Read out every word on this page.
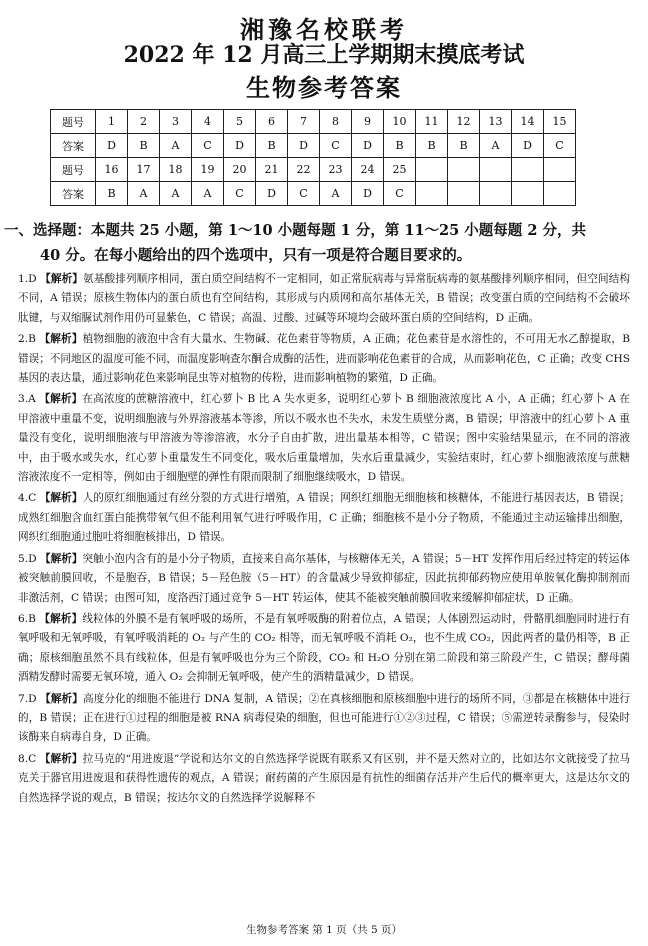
湘豫名校联考
2022 年 12 月高三上学期期末摸底考试
生物参考答案
题号	1	2	3	4	5	6	7	8	9	10	11	12	13	14	15
答案	D	B	A	C	D	B	D	C	D	B	B	B	A	D	C
题号	16	17	18	19	20	21	22	23	24	25					
答案	B	A	A	A	C	D	C	A	D	C					
一、选择题：本题共 25 小题，第 1～10 小题每题 1 分，第 11～25 小题每题 2 分，共
40 分。在每小题给出的四个选项中，只有一项是符合题目要求的。
1.D 【解析】氨基酸排列顺序相同，蛋白质空间结构不一定相同，如正常朊病毒与异常朊病毒的氨基酸排列顺序相同，但空间结构不同，A 错误；原核生物体内的蛋白质也有空间结构，其形成与内质网和高尔基体无关，B 错误；改变蛋白质的空间结构不会破坏肽键，与双缩脲试剂作用仍可显紫色，C 错误；高温、过酸、过碱等环境均会破坏蛋白质的空间结构，D 正确。
2.B 【解析】植物细胞的液泡中含有大量水、生物碱、花色素苷等物质，A 正确；花色素苷是水溶性的，不可用无水乙醇提取，B 错误；不同地区的温度可能不同，而温度影响查尔酮合成酶的活性，进而影响花色素苷的合成，从而影响花色，C 正确；改变 CHS 基因的表达量，通过影响花色来影响昆虫等对植物的传粉，进而影响植物的繁殖，D 正确。
3.A 【解析】在高浓度的蔗糖溶液中，红心萝卜 B 比 A 失水更多，说明红心萝卜 B 细胞液浓度比 A 小，A 正确；红心萝卜 A 在甲溶液中重量不变，说明细胞液与外界溶液基本等渗，所以不吸水也不失水，未发生质壁分离，B 错误；甲溶液中的红心萝卜 A 重量没有变化，说明细胞液与甲溶液为等渗溶液，水分子自由扩散，进出量基本相等，C 错误；图中实验结果显示，在不同的溶液中，由于吸水或失水，红心萝卜重量发生不同变化，吸水后重量增加，失水后重量减少，实验结束时，红心萝卜细胞液浓度与蔗糖溶液浓度不一定相等，例如由于细胞壁的弹性有限而限制了细胞继续吸水，D 错误。
4.C 【解析】人的原红细胞通过有丝分裂的方式进行增殖，A 错误；网织红细胞无细胞核和核糖体，不能进行基因表达，B 错误；成熟红细胞含血红蛋白能携带氧气但不能利用氧气进行呼吸作用，C 正确；细胞核不是小分子物质，不能通过主动运输排出细胞，网织红细胞通过胞吐将细胞核排出，D 错误。
5.D 【解析】突触小泡内含有的是小分子物质，直接来自高尔基体，与核糖体无关，A 错误；5－HT 发挥作用后经过特定的转运体被突触前膜回收，不是胞吞，B 错误；5－羟色胺（5－HT）的含量减少导致抑郁症，因此抗抑郁药物应使用单胺氧化酶抑制剂而非激活剂，C 错误；由图可知，度洛西汀通过竞争 5－HT 转运体，使其不能被突触前膜回收来缓解抑郁症状，D 正确。
6.B 【解析】线粒体的外膜不是有氧呼吸的场所，不是有氧呼吸酶的附着位点，A 错误；人体剧烈运动时，骨骼肌细胞同时进行有氧呼吸和无氧呼吸，有氧呼吸消耗的 O₂ 与产生的 CO₂ 相等，而无氧呼吸不消耗 O₂，也不生成 CO₂，因此两者的量仍相等，B 正确；原核细胞虽然不具有线粒体，但是有氧呼吸也分为三个阶段，CO₂ 和 H₂O 分别在第二阶段和第三阶段产生，C 错误；酵母菌酒精发酵时需要无氧环境，通入 O₂ 会抑制无氧呼吸，使产生的酒精量减少，D 错误。
7.D 【解析】高度分化的细胞不能进行 DNA 复制，A 错误；②在真核细胞和原核细胞中进行的场所不同，③都是在核糖体中进行的，B 错误；正在进行①过程的细胞是被 RNA 病毒侵染的细胞，但也可能进行①②③过程，C 错误；⑤需逆转录酶参与，侵染时该酶来自病毒自身，D 正确。
8.C 【解析】拉马克的“用进废退”学说和达尔文的自然选择学说既有联系又有区别，并不是天然对立的，比如达尔文就接受了拉马克关于器官用进废退和获得性遗传的观点，A 错误；耐药菌的产生原因是有抗性的细菌存活并产生后代的概率更大，这是达尔文的自然选择学说的观点，B 错误；按达尔文的自然选择学说解释不
生物参考答案 第 1 页（共 5 页）
